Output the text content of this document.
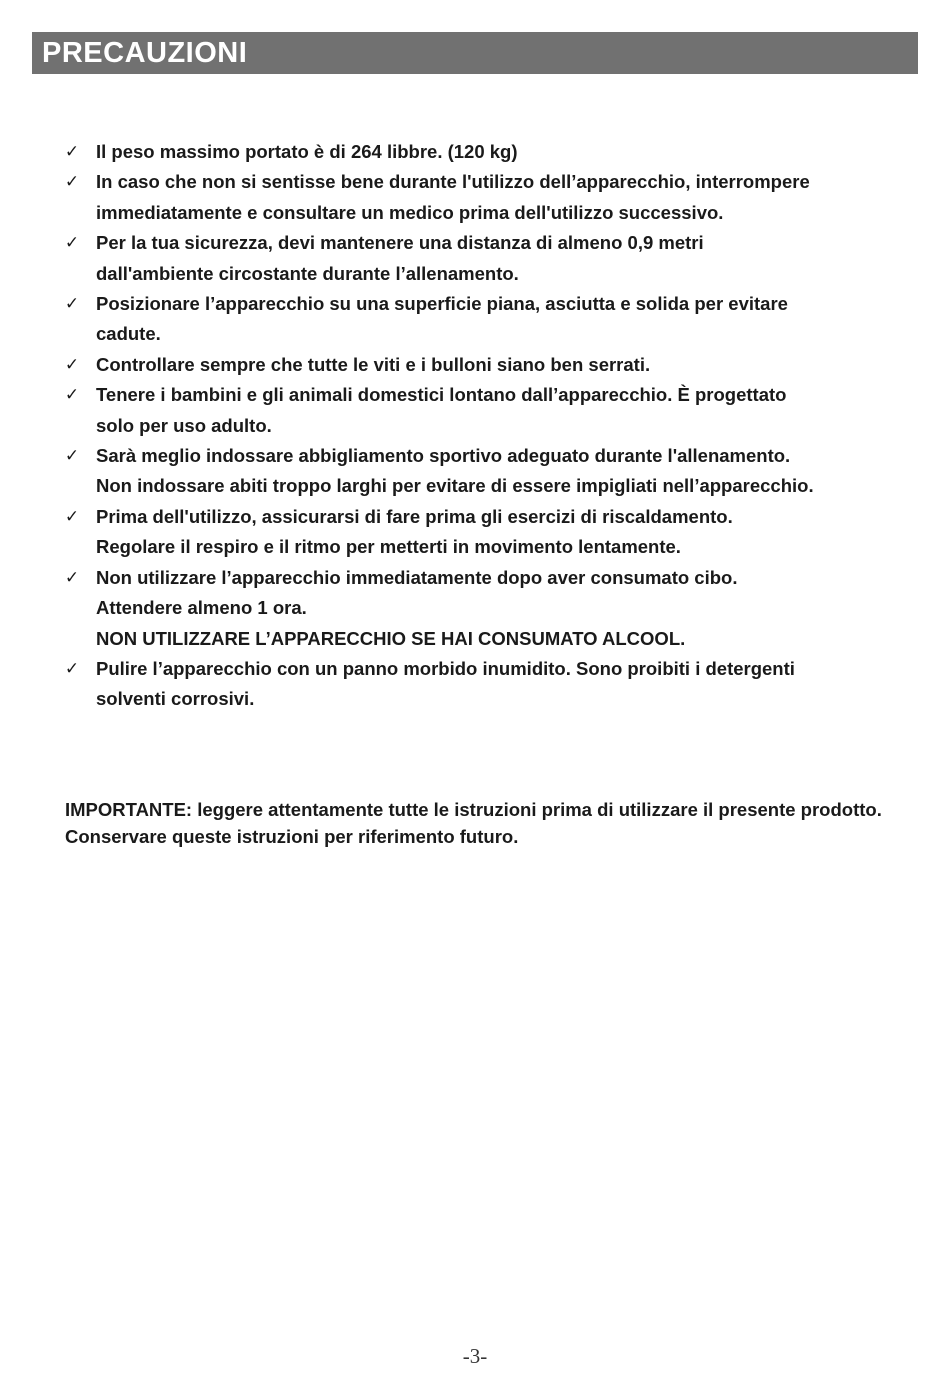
PRECAUZIONI
✓ Il peso massimo portato è di 264 libbre. (120 kg)
✓ In caso che non si sentisse bene durante l'utilizzo dell’apparecchio, interrompere
immediatamente e consultare un medico prima dell'utilizzo successivo.
✓ Per la tua sicurezza, devi mantenere una distanza di almeno 0,9 metri
dall'ambiente circostante durante l’allenamento.
✓ Posizionare l’apparecchio su una superficie piana, asciutta e solida per evitare
cadute.
✓ Controllare sempre che tutte le viti e i bulloni siano ben serrati.
✓ Tenere i bambini e gli animali domestici lontano dall’apparecchio. È progettato
solo per uso adulto.
✓ Sarà meglio indossare abbigliamento sportivo adeguato durante l'allenamento.
Non indossare abiti troppo larghi per evitare di essere impigliati nell’apparecchio.
✓ Prima dell'utilizzo, assicurarsi di fare prima gli esercizi di riscaldamento.
Regolare il respiro e il ritmo per metterti in movimento lentamente.
✓ Non utilizzare l’apparecchio immediatamente dopo aver consumato cibo.
Attendere almeno 1 ora.
NON UTILIZZARE L’APPARECCHIO SE HAI CONSUMATO ALCOOL.
✓ Pulire l’apparecchio con un panno morbido inumidito. Sono proibiti i detergenti
solventi corrosivi.
IMPORTANTE: leggere attentamente tutte le istruzioni prima di utilizzare il presente prodotto. Conservare queste istruzioni per riferimento futuro.
-3-
